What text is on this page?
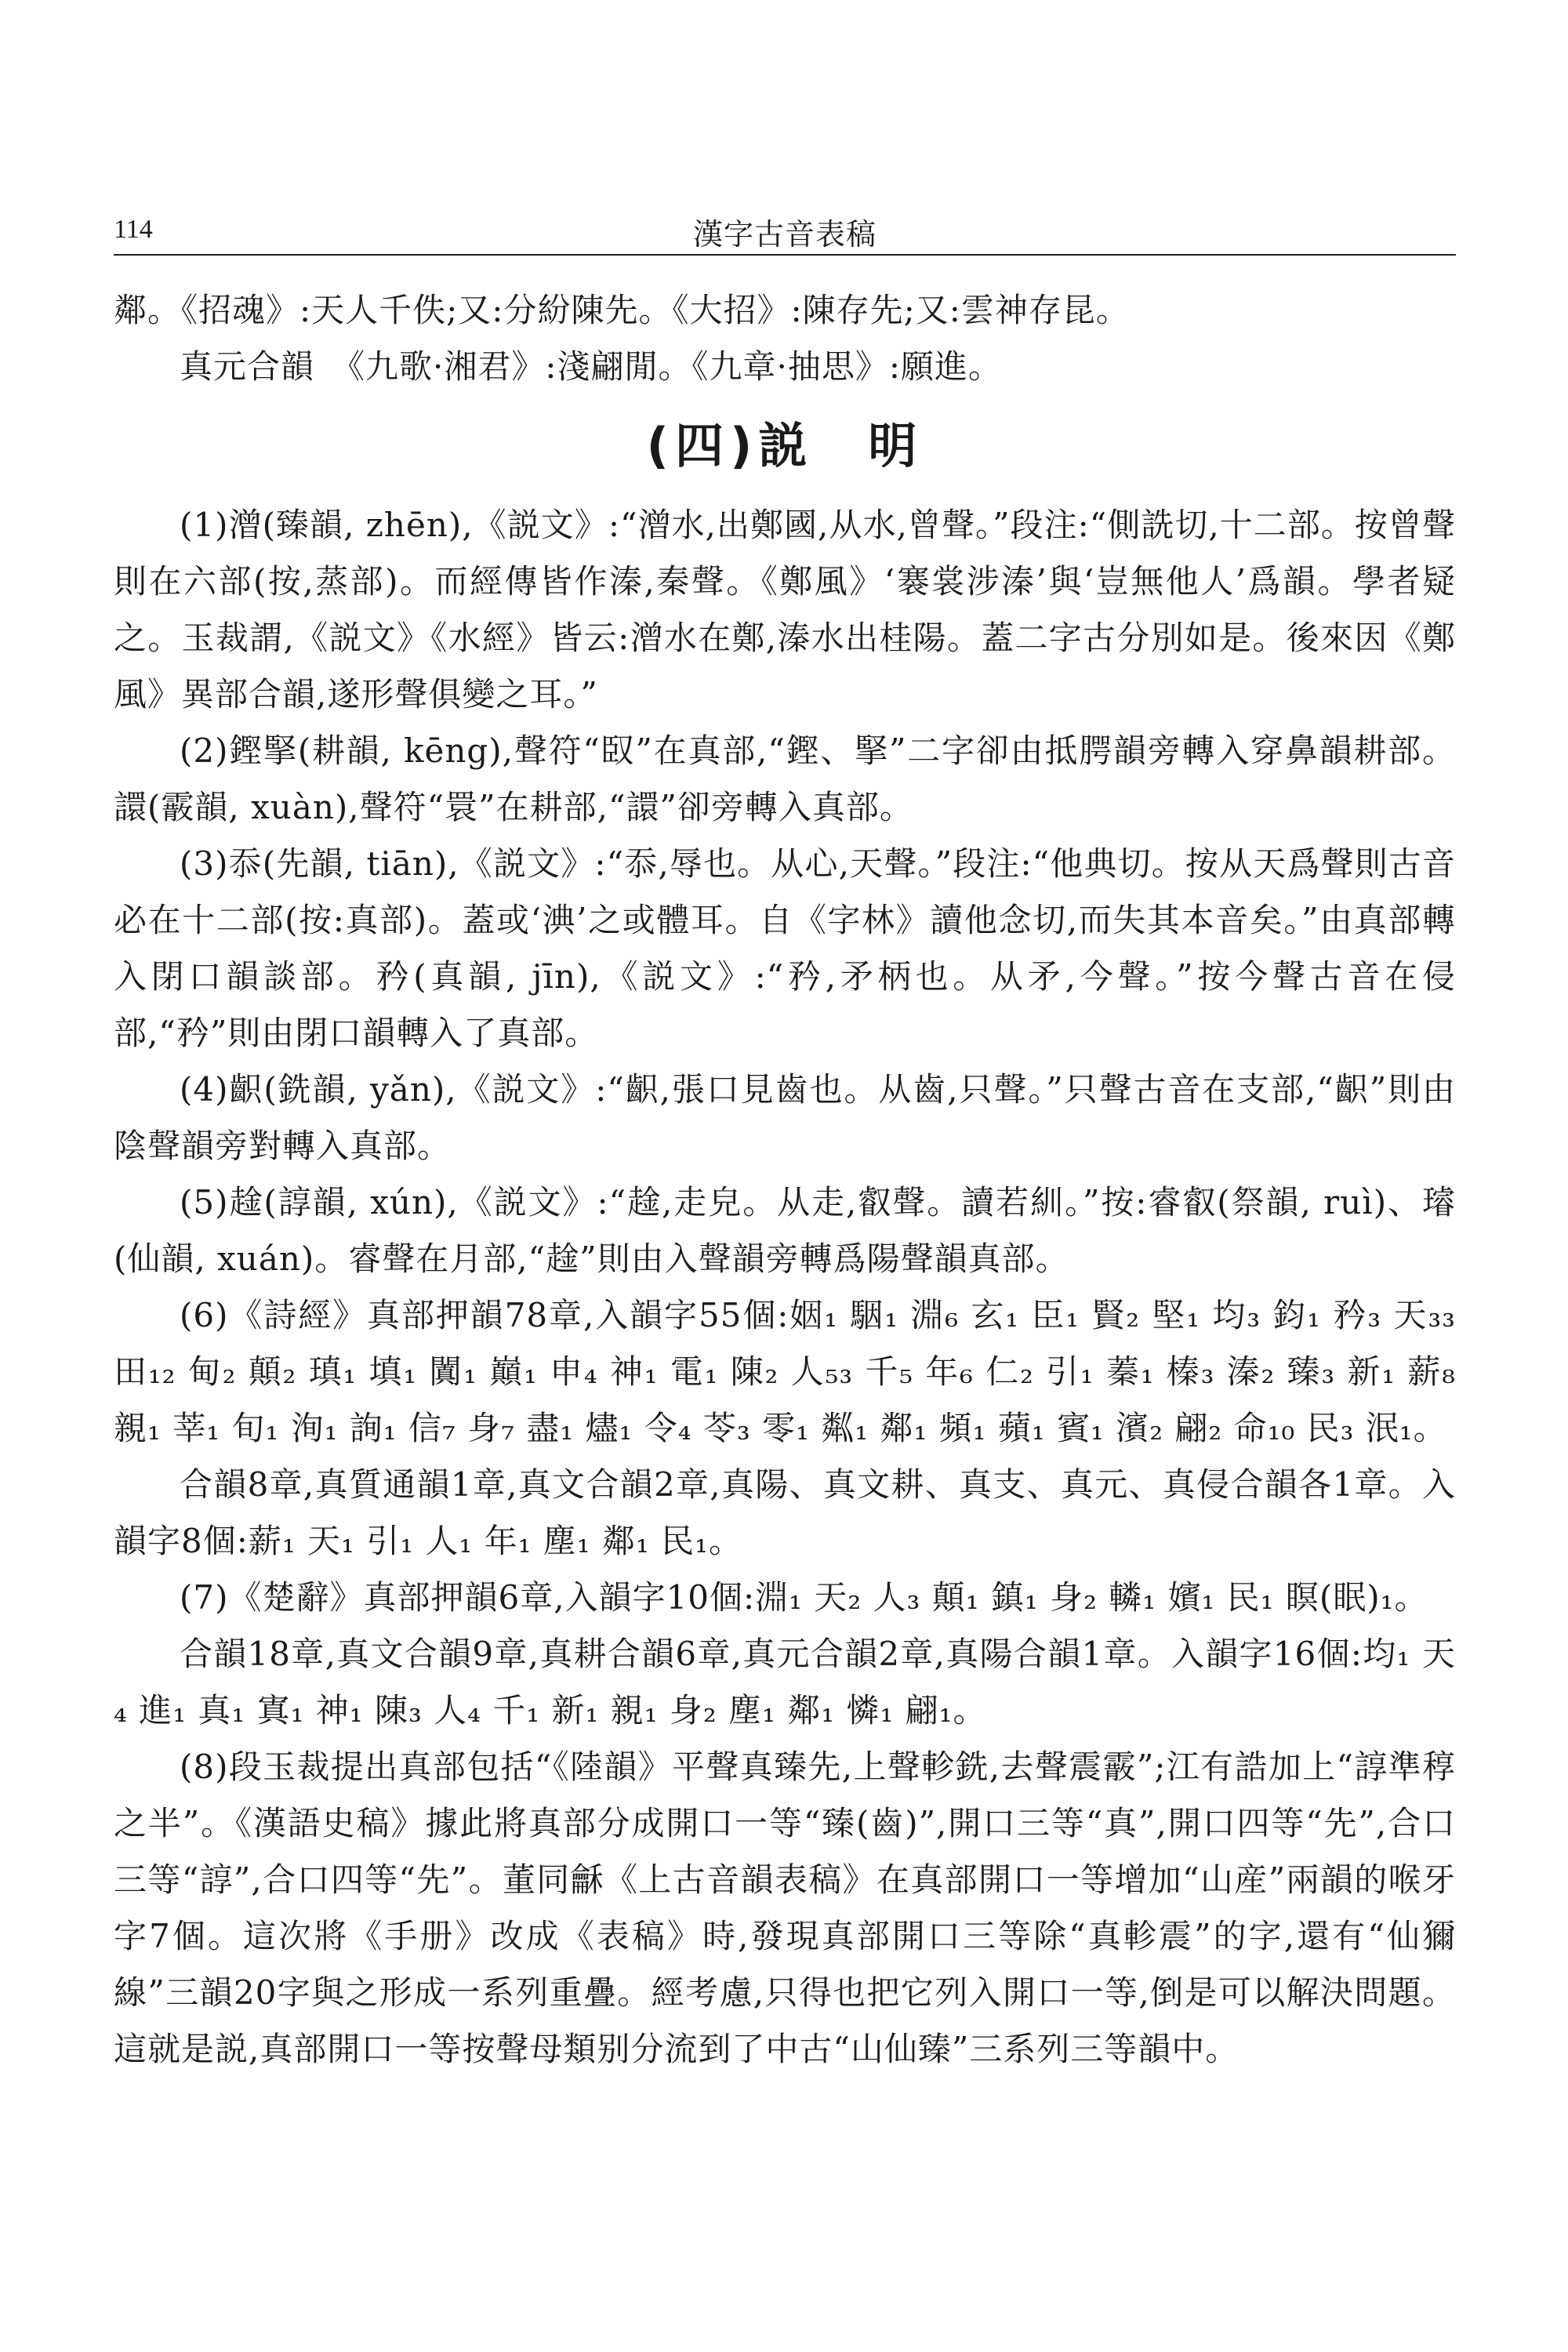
114	漢字古音表稿
鄰。《招魂》:天人千佚;又:分紛陳先。《大招》:陳存先;又:雲神存昆。
真元合韻　《九歌·湘君》:淺翩閒。《九章·抽思》:願進。
(四)説　明

(1)潧(臻韻, zhēn),《説文》:“潧水,出鄭國,从水,曾聲。”段注:“側詵切,十二部。按曾聲則在六部(按,蒸部)。而經傳皆作溱,秦聲。《鄭風》‘褰裳涉溱’與‘豈無他人’爲韻。學者疑之。玉裁謂,《説文》《水經》皆云:潧水在鄭,溱水出桂陽。蓋二字古分別如是。後來因《鄭風》異部合韻,遂形聲俱變之耳。”

(2)鏗掔(耕韻, kēng),聲符“臤”在真部,“鏗、掔”二字卻由抵腭韻旁轉入穿鼻韻耕部。譞(霰韻, xuàn),聲符“睘”在耕部,“譞”卻旁轉入真部。

(3)忝(先韻, tiān),《説文》:“忝,辱也。从心,天聲。”段注:“他典切。按从天爲聲則古音必在十二部(按:真部)。蓋或‘淟’之或體耳。自《字林》讀他念切,而失其本音矣。”由真部轉入閉口韻談部。矜(真韻, jīn),《説文》:“矜,矛柄也。从矛,今聲。”按今聲古音在侵部,“矜”則由閉口韻轉入了真部。

(4)齞(銑韻, yǎn),《説文》:“齞,張口見齒也。从齒,只聲。”只聲古音在支部,“齞”則由陰聲韻旁對轉入真部。

(5)趛(諄韻, xún),《説文》:“趛,走皃。从走,叡聲。讀若紃。”按:睿叡(祭韻, ruì)、璿(仙韻, xuán)。睿聲在月部,“趛”則由入聲韻旁轉爲陽聲韻真部。

(6)《詩經》真部押韻78章,入韻字55個:姻₁ 駰₁ 淵₆ 玄₁ 臣₁ 賢₂ 堅₁ 均₃ 鈞₁ 矜₃ 天₃₃ 田₁₂ 甸₂ 顛₂ 瑱₁ 填₁ 闐₁ 巔₁ 申₄ 神₁ 電₁ 陳₂ 人₅₃ 千₅ 年₆ 仁₂ 引₁ 蓁₁ 榛₃ 溱₂ 臻₃ 新₁ 薪₈ 親₁ 莘₁ 旬₁ 洵₁ 詢₁ 信₇ 身₇ 盡₁ 燼₁ 令₄ 苓₃ 零₁ 粼₁ 鄰₁ 頻₁ 蘋₁ 賓₁ 濱₂ 翩₂ 命₁₀ 民₃ 泯₁。

合韻8章,真質通韻1章,真文合韻2章,真陽、真文耕、真支、真元、真侵合韻各1章。入韻字8個:薪₁ 天₁ 引₁ 人₁ 年₁ 塵₁ 鄰₁ 民₁。

(7)《楚辭》真部押韻6章,入韻字10個:淵₁ 天₂ 人₃ 顛₁ 鎮₁ 身₂ 轔₁ 嬪₁ 民₁ 瞑(眠)₁。

合韻18章,真文合韻9章,真耕合韻6章,真元合韻2章,真陽合韻1章。入韻字16個:均₁ 天₄ 進₁ 真₁ 寘₁ 神₁ 陳₃ 人₄ 千₁ 新₁ 親₁ 身₂ 塵₁ 鄰₁ 憐₁ 翩₁。

(8)段玉裁提出真部包括“《陸韻》平聲真臻先,上聲軫銑,去聲震霰”;江有誥加上“諄準稕之半”。《漢語史稿》據此將真部分成開口一等“臻(齒)”,開口三等“真”,開口四等“先”,合口三等“諄”,合口四等“先”。董同龢《上古音韻表稿》在真部開口一等增加“山産”兩韻的喉牙字7個。這次將《手册》改成《表稿》時,發現真部開口三等除“真軫震”的字,還有“仙獮線”三韻20字與之形成一系列重疊。經考慮,只得也把它列入開口一等,倒是可以解決問題。這就是説,真部開口一等按聲母類别分流到了中古“山仙臻”三系列三等韻中。
